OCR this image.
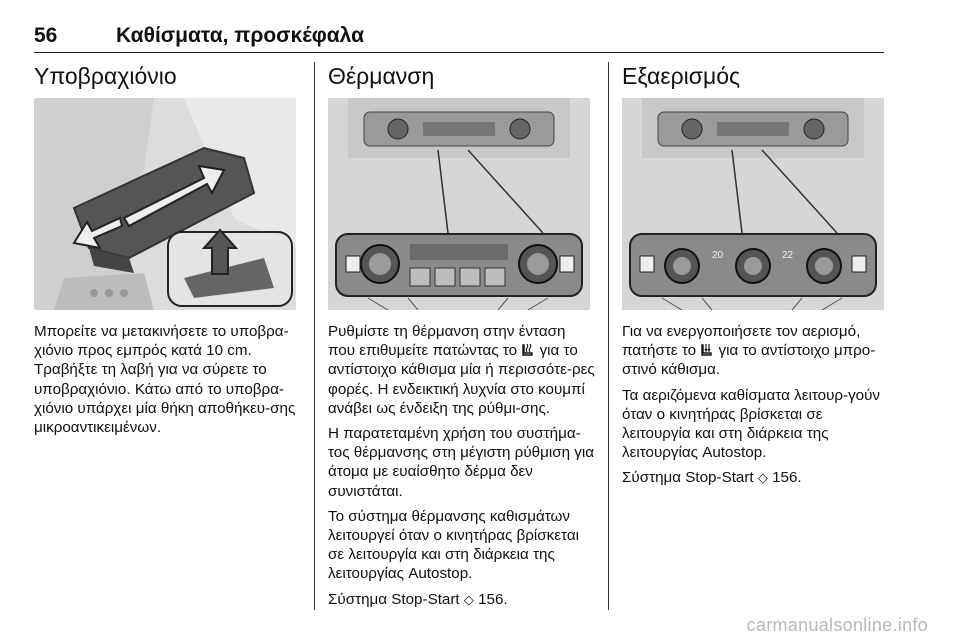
56	Καθίσματα, προσκέφαλα
Υποβραχιόνιο

Μπορείτε να μετακινήσετε το υποβρα-χιόνιο προς εμπρός κατά 10 cm. Τραβήξτε τη λαβή για να σύρετε το υποβραχιόνιο. Κάτω από το υποβρα-χιόνιο υπάρχει μία θήκη αποθήκευ-σης μικροαντικειμένων.

Θέρμανση

Ρυθμίστε τη θέρμανση στην ένταση που επιθυμείτε πατώντας το  για το αντίστοιχο κάθισμα μία ή περισσότε-ρες φορές. Η ενδεικτική λυχνία στο κουμπί ανάβει ως ένδειξη της ρύθμι-σης.

Η παρατεταμένη χρήση του συστήμα-τος θέρμανσης στη μέγιστη ρύθμιση για άτομα με ευαίσθητο δέρμα δεν συνιστάται.

Το σύστημα θέρμανσης καθισμάτων λειτουργεί όταν ο κινητήρας βρίσκεται σε λειτουργία και στη διάρκεια της λειτουργίας Autostop.

Σύστημα Stop-Start ◇ 156.

Εξαερισμός
20	22

Για να ενεργοποιήσετε τον αερισμό, πατήστε το  για το αντίστοιχο μπρο-στινό κάθισμα.

Τα αεριζόμενα καθίσματα λειτουρ-γούν όταν ο κινητήρας βρίσκεται σε λειτουργία και στη διάρκεια της λειτουργίας Autostop.

Σύστημα Stop-Start ◇ 156.

carmanualsonline.info
